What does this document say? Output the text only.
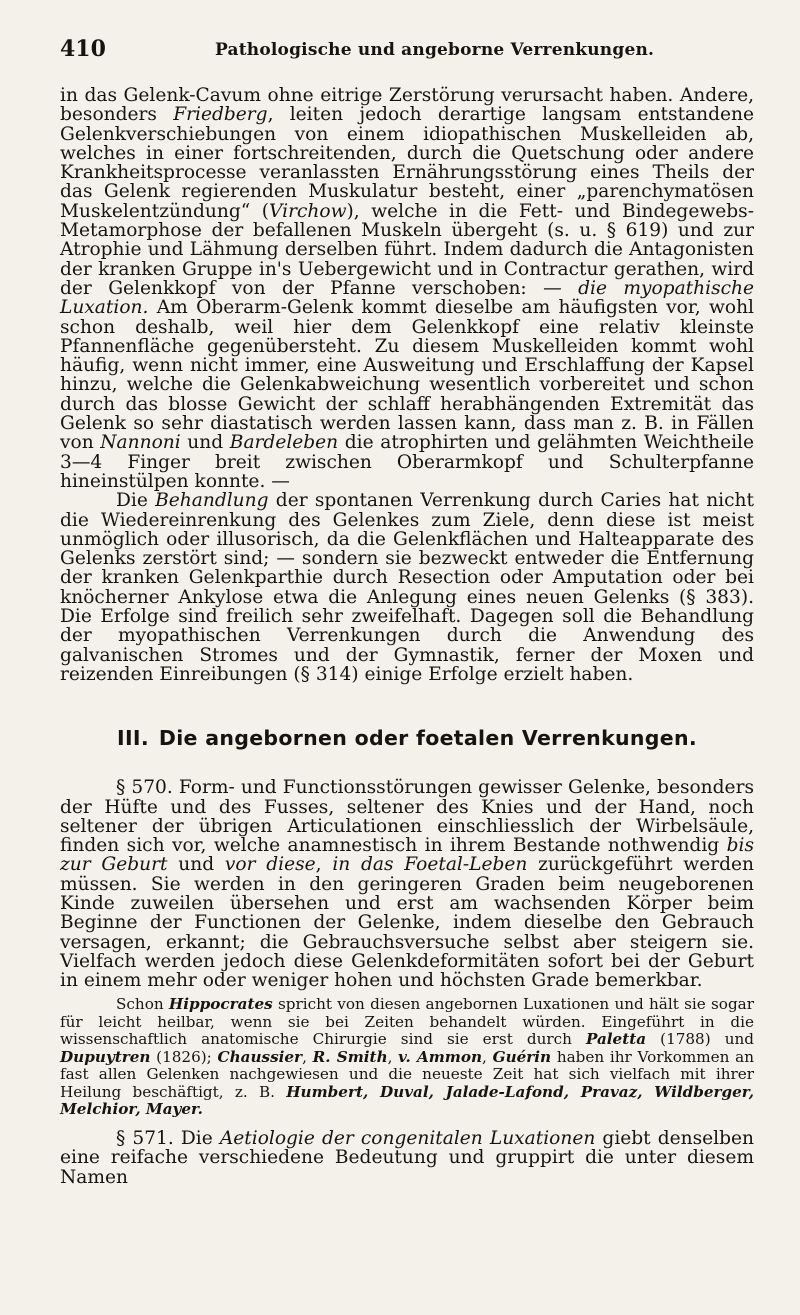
410	Pathologische und angeborne Verrenkungen.

in das Gelenk-Cavum ohne eitrige Zerstörung verursacht haben. Andere, besonders Friedberg, leiten jedoch derartige langsam entstandene Gelenkverschiebungen von einem idiopathischen Muskelleiden ab, welches in einer fortschreitenden, durch die Quetschung oder andere Krankheitsprocesse veranlassten Ernährungsstörung eines Theils der das Gelenk regierenden Muskulatur besteht, einer „parenchymatösen Muskelentzündung“ (Virchow), welche in die Fett- und Bindegewebs-Metamorphose der befallenen Muskeln übergeht (s. u. § 619) und zur Atrophie und Lähmung derselben führt. Indem dadurch die Antagonisten der kranken Gruppe in's Uebergewicht und in Contractur gerathen, wird der Gelenkkopf von der Pfanne verschoben: — die myopathische Luxation. Am Oberarm-Gelenk kommt dieselbe am häufigsten vor, wohl schon deshalb, weil hier dem Gelenkkopf eine relativ kleinste Pfannenfläche gegenübersteht. Zu diesem Muskelleiden kommt wohl häufig, wenn nicht immer, eine Ausweitung und Erschlaffung der Kapsel hinzu, welche die Gelenkabweichung wesentlich vorbereitet und schon durch das blosse Gewicht der schlaff herabhängenden Extremität das Gelenk so sehr diastatisch werden lassen kann, dass man z. B. in Fällen von Nannoni und Bardeleben die atrophirten und gelähmten Weichtheile 3—4 Finger breit zwischen Oberarmkopf und Schulterpfanne hineinstülpen konnte. —

Die Behandlung der spontanen Verrenkung durch Caries hat nicht die Wiedereinrenkung des Gelenkes zum Ziele, denn diese ist meist unmöglich oder illusorisch, da die Gelenkflächen und Halteapparate des Gelenks zerstört sind; — sondern sie bezweckt entweder die Entfernung der kranken Gelenkparthie durch Resection oder Amputation oder bei knöcherner Ankylose etwa die Anlegung eines neuen Gelenks (§ 383). Die Erfolge sind freilich sehr zweifelhaft. Dagegen soll die Behandlung der myopathischen Verrenkungen durch die Anwendung des galvanischen Stromes und der Gymnastik, ferner der Moxen und reizenden Einreibungen (§ 314) einige Erfolge erzielt haben.

III. Die angebornen oder foetalen Verrenkungen.

§ 570. Form- und Functionsstörungen gewisser Gelenke, besonders der Hüfte und des Fusses, seltener des Knies und der Hand, noch seltener der übrigen Articulationen einschliesslich der Wirbelsäule, finden sich vor, welche anamnestisch in ihrem Bestande nothwendig bis zur Geburt und vor diese, in das Foetal-Leben zurückgeführt werden müssen. Sie werden in den geringeren Graden beim neugeborenen Kinde zuweilen übersehen und erst am wachsenden Körper beim Beginne der Functionen der Gelenke, indem dieselbe den Gebrauch versagen, erkannt; die Gebrauchsversuche selbst aber steigern sie. Vielfach werden jedoch diese Gelenkdeformitäten sofort bei der Geburt in einem mehr oder weniger hohen und höchsten Grade bemerkbar.

Schon Hippocrates spricht von diesen angebornen Luxationen und hält sie sogar für leicht heilbar, wenn sie bei Zeiten behandelt würden. Eingeführt in die wissenschaftlich anatomische Chirurgie sind sie erst durch Paletta (1788) und Dupuytren (1826); Chaussier, R. Smith, v. Ammon, Guérin haben ihr Vorkommen an fast allen Gelenken nachgewiesen und die neueste Zeit hat sich vielfach mit ihrer Heilung beschäftigt, z. B. Humbert, Duval, Jalade-Lafond, Pravaz, Wildberger, Melchior, Mayer.

§ 571. Die Aetiologie der congenitalen Luxationen giebt denselben eine reifache verschiedene Bedeutung und gruppirt die unter diesem Namen
